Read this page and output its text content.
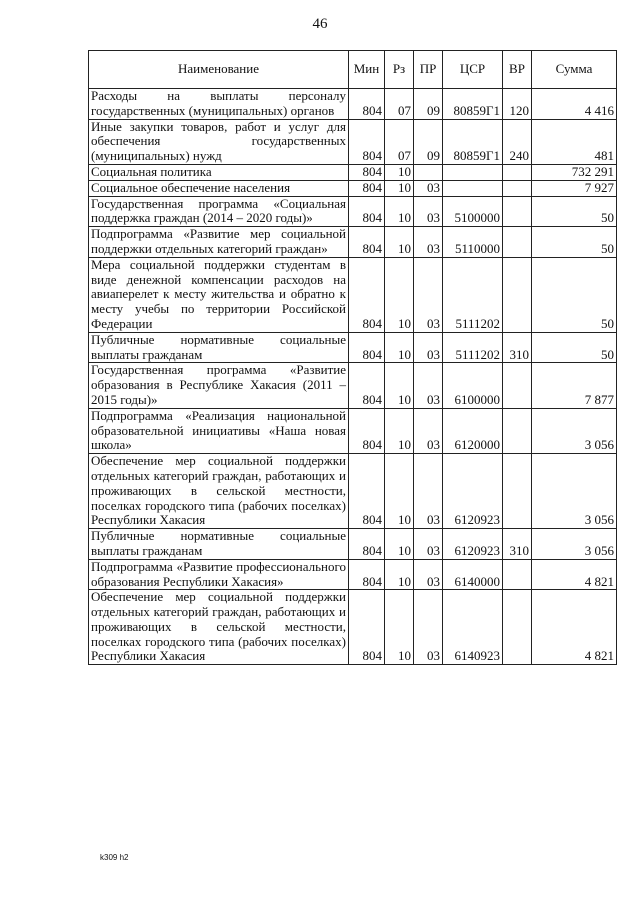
46
Наименование	Мин	Рз	ПР	ЦСР	ВР	Сумма
Расходы на выплаты персоналу государственных (муниципальных) органов	804	07	09	80859Г1	120	4 416
Иные закупки товаров, работ и услуг для обеспечения государственных (муниципальных) нужд	804	07	09	80859Г1	240	481
Социальная политика	804	10				732 291
Социальное обеспечение населения	804	10	03			7 927
Государственная программа «Социальная поддержка граждан (2014 – 2020 годы)»	804	10	03	5100000		50
Подпрограмма «Развитие мер социальной поддержки отдельных категорий граждан»	804	10	03	5110000		50
Мера социальной поддержки студентам в виде денежной компенсации расходов на авиаперелет к месту жительства и обратно к месту учебы по территории Российской Федерации	804	10	03	5111202		50
Публичные нормативные социальные выплаты гражданам	804	10	03	5111202	310	50
Государственная программа «Развитие образования в Республике Хакасия (2011 – 2015 годы)»	804	10	03	6100000		7 877
Подпрограмма «Реализация национальной образовательной инициативы «Наша новая школа»	804	10	03	6120000		3 056
Обеспечение мер социальной поддержки отдельных категорий граждан, работающих и проживающих в сельской местности, поселках городского типа (рабочих поселках) Республики Хакасия	804	10	03	6120923		3 056
Публичные нормативные социальные выплаты гражданам	804	10	03	6120923	310	3 056
Подпрограмма «Развитие профессионального образования Республики Хакасия»	804	10	03	6140000		4 821
Обеспечение мер социальной поддержки отдельных категорий граждан, работающих и проживающих в сельской местности, поселках городского типа (рабочих поселках) Республики Хакасия	804	10	03	6140923		4 821
k309 h2
